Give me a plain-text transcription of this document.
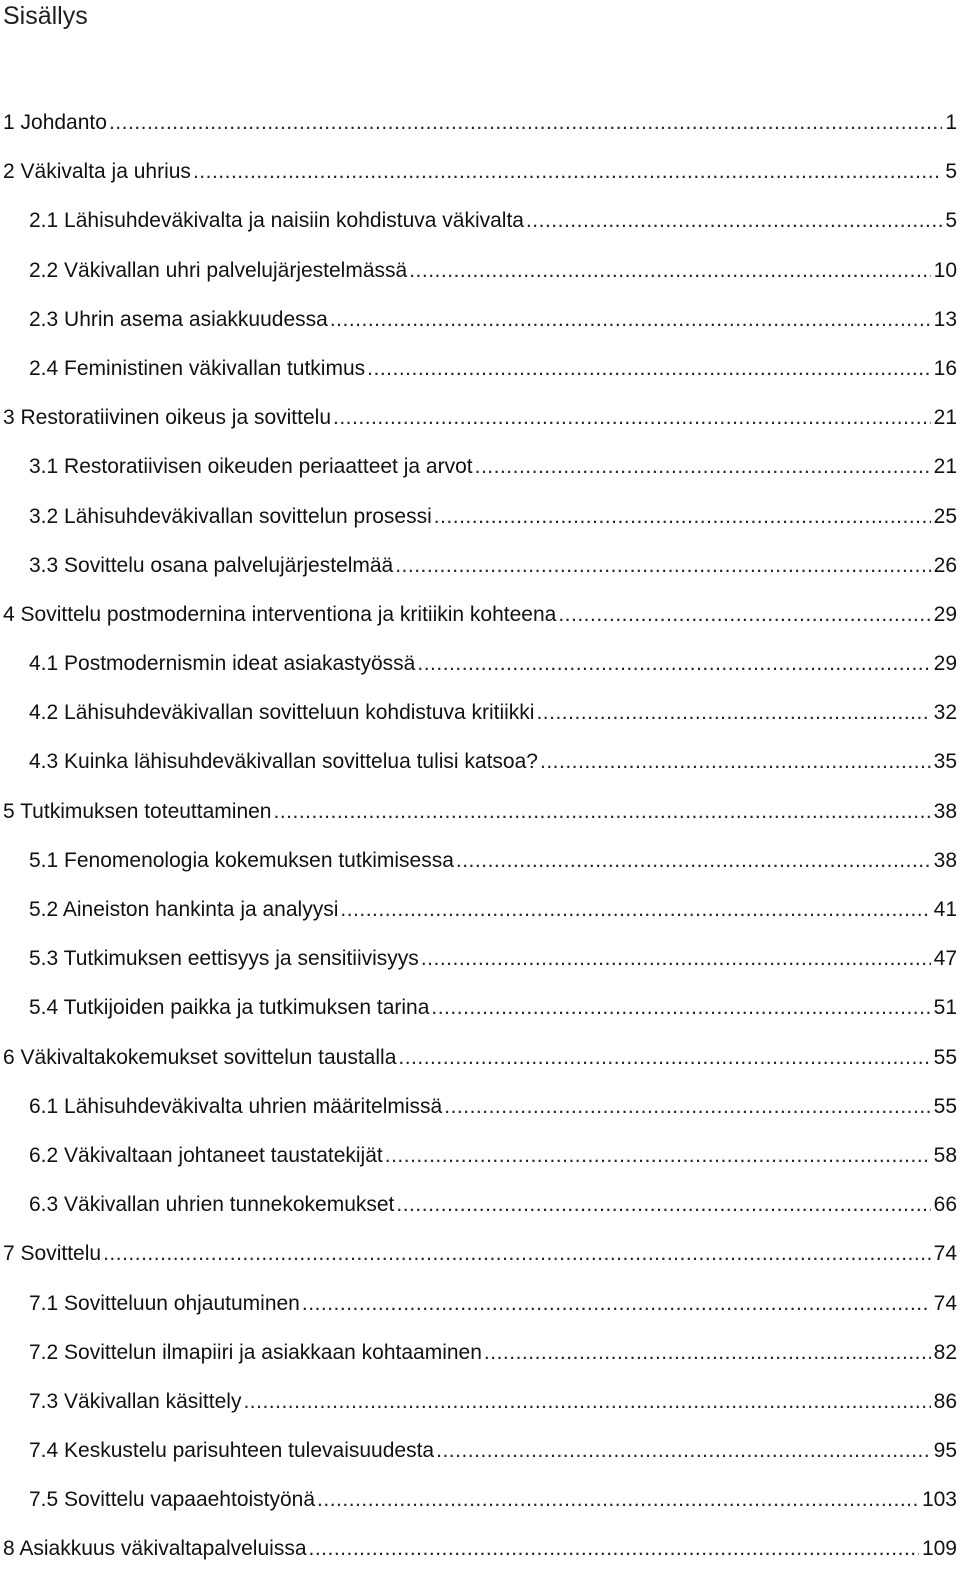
Sisällys
1 Johdanto .....	1
2 Väkivalta ja uhrius .....	5
2.1 Lähisuhdeväkivalta ja naisiin kohdistuva väkivalta .....	5
2.2 Väkivallan uhri palvelujärjestelmässä .....	10
2.3 Uhrin asema asiakkuudessa .....	13
2.4 Feministinen väkivallan tutkimus .....	16
3 Restoratiivinen oikeus ja sovittelu .....	21
3.1 Restoratiivisen oikeuden periaatteet ja arvot .....	21
3.2 Lähisuhdeväkivallan sovittelun prosessi .....	25
3.3 Sovittelu osana palvelujärjestelmää .....	26
4 Sovittelu postmodernina interventiona ja kritiikin kohteena .....	29
4.1 Postmodernismin ideat asiakastyössä .....	29
4.2 Lähisuhdeväkivallan sovitteluun kohdistuva kritiikki .....	32
4.3 Kuinka lähisuhdeväkivallan sovittelua tulisi katsoa? .....	35
5 Tutkimuksen toteuttaminen .....	38
5.1 Fenomenologia kokemuksen tutkimisessa .....	38
5.2 Aineiston hankinta ja analyysi .....	41
5.3 Tutkimuksen eettisyys ja sensitiivisyys .....	47
5.4 Tutkijoiden paikka ja tutkimuksen tarina .....	51
6 Väkivaltakokemukset sovittelun taustalla .....	55
6.1 Lähisuhdeväkivalta uhrien määritelmissä .....	55
6.2 Väkivaltaan johtaneet taustatekijät .....	58
6.3 Väkivallan uhrien tunnekokemukset .....	66
7 Sovittelu .....	74
7.1 Sovitteluun ohjautuminen .....	74
7.2 Sovittelun ilmapiiri ja asiakkaan kohtaaminen .....	82
7.3 Väkivallan käsittely .....	86
7.4 Keskustelu parisuhteen tulevaisuudesta .....	95
7.5 Sovittelu vapaaehtoistyönä .....	103
8 Asiakkuus väkivaltapalveluissa .....	109
